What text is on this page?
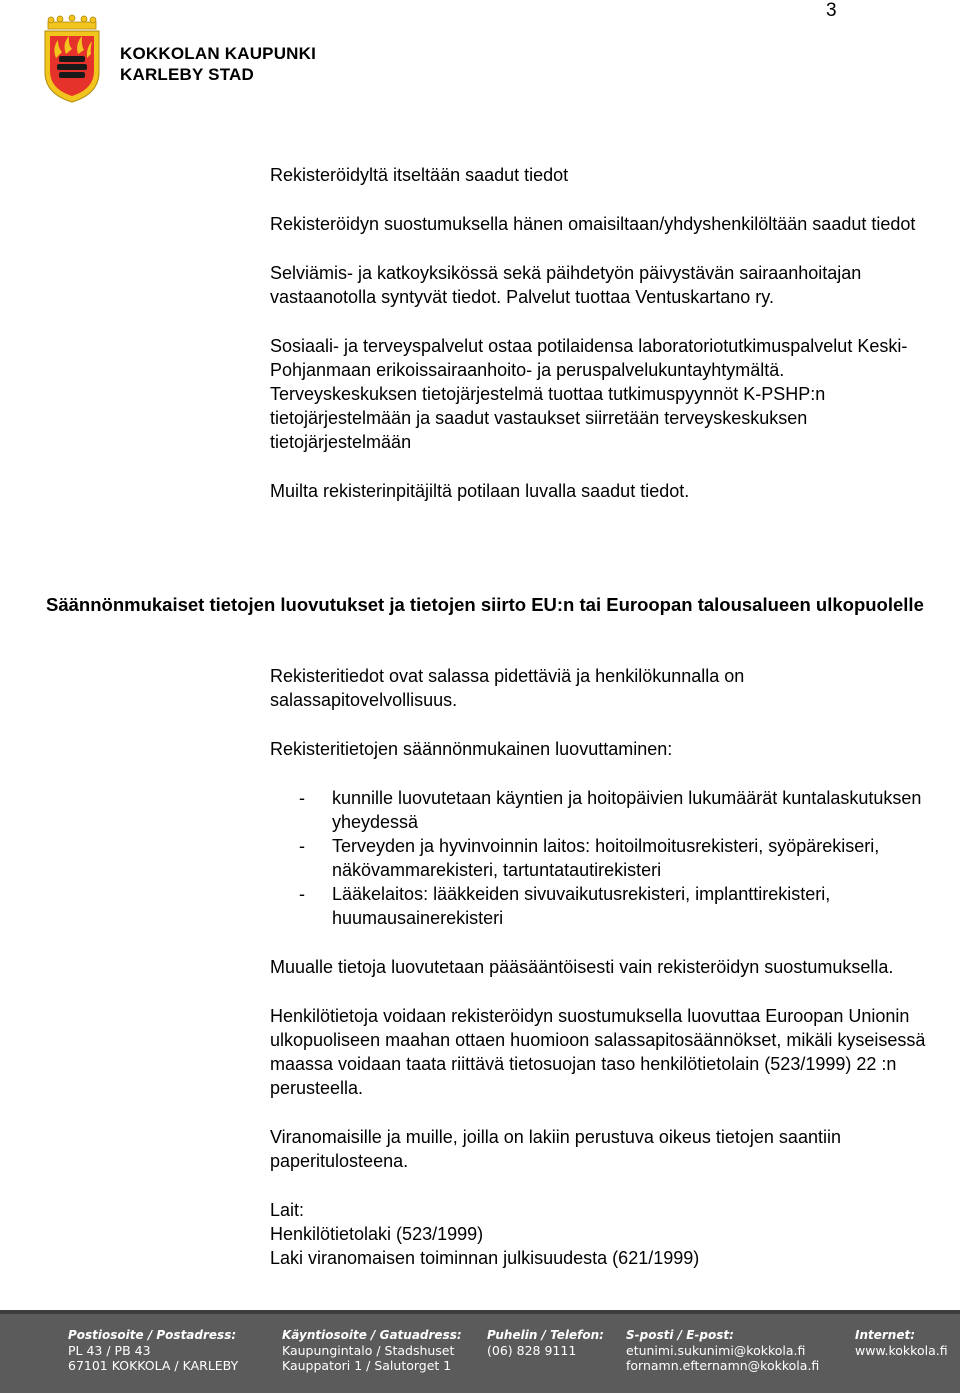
3
KOKKOLAN KAUPUNKI
KARLEBY STAD

Rekisteröidyltä itseltään saadut tiedot

Rekisteröidyn suostumuksella hänen omaisiltaan/yhdyshenkilöltään saadut tiedot

Selviämis- ja katkoyksikössä sekä päihdetyön päivystävän sairaanhoitajan vastaanotolla syntyvät tiedot. Palvelut tuottaa Ventuskartano ry.

Sosiaali- ja terveyspalvelut ostaa potilaidensa laboratoriotutkimuspalvelut Keski-Pohjanmaan erikoissairaanhoito- ja peruspalvelukuntayhtymältä. Terveyskeskuksen tietojärjestelmä tuottaa tutkimuspyynnöt K-PSHP:n tietojärjestelmään ja saadut vastaukset siirretään terveyskeskuksen tietojärjestelmään

Muilta rekisterinpitäjiltä potilaan luvalla saadut tiedot.

Säännönmukaiset tietojen luovutukset ja tietojen siirto EU:n tai Euroopan talousalueen ulkopuolelle

Rekisteritiedot ovat salassa pidettäviä ja henkilökunnalla on salassapitovelvollisuus.

Rekisteritietojen säännönmukainen luovuttaminen:

- kunnille luovutetaan käyntien ja hoitopäivien lukumäärät kuntalaskutuksen yheydessä
- Terveyden ja hyvinvoinnin laitos: hoitoilmoitusrekisteri, syöpärekiseri, näkövammarekisteri, tartuntatautirekisteri
- Lääkelaitos: lääkkeiden sivuvaikutusrekisteri, implanttirekisteri, huumausainerekisteri

Muualle tietoja luovutetaan pääsääntöisesti vain rekisteröidyn suostumuksella.

Henkilötietoja voidaan rekisteröidyn suostumuksella luovuttaa Euroopan Unionin ulkopuoliseen maahan ottaen huomioon salassapitosäännökset, mikäli kyseisessä maassa voidaan taata riittävä tietosuojan taso henkilötietolain (523/1999) 22 :n perusteella.

Viranomaisille ja muille, joilla on lakiin perustuva oikeus tietojen saantiin paperitulosteena.

Lait:

Henkilötietolaki (523/1999)

Laki viranomaisen toiminnan julkisuudesta (621/1999)

Postiosoite / Postadress:
PL 43 / PB 43
67101 KOKKOLA / KARLEBY
Käyntiosoite / Gatuadress:
Kaupungintalo / Stadshuset
Kauppatori 1 / Salutorget 1
Puhelin / Telefon:
(06) 828 9111
S-posti / E-post:
etunimi.sukunimi@kokkola.fi
fornamn.efternamn@kokkola.fi
Internet:
www.kokkola.fi
